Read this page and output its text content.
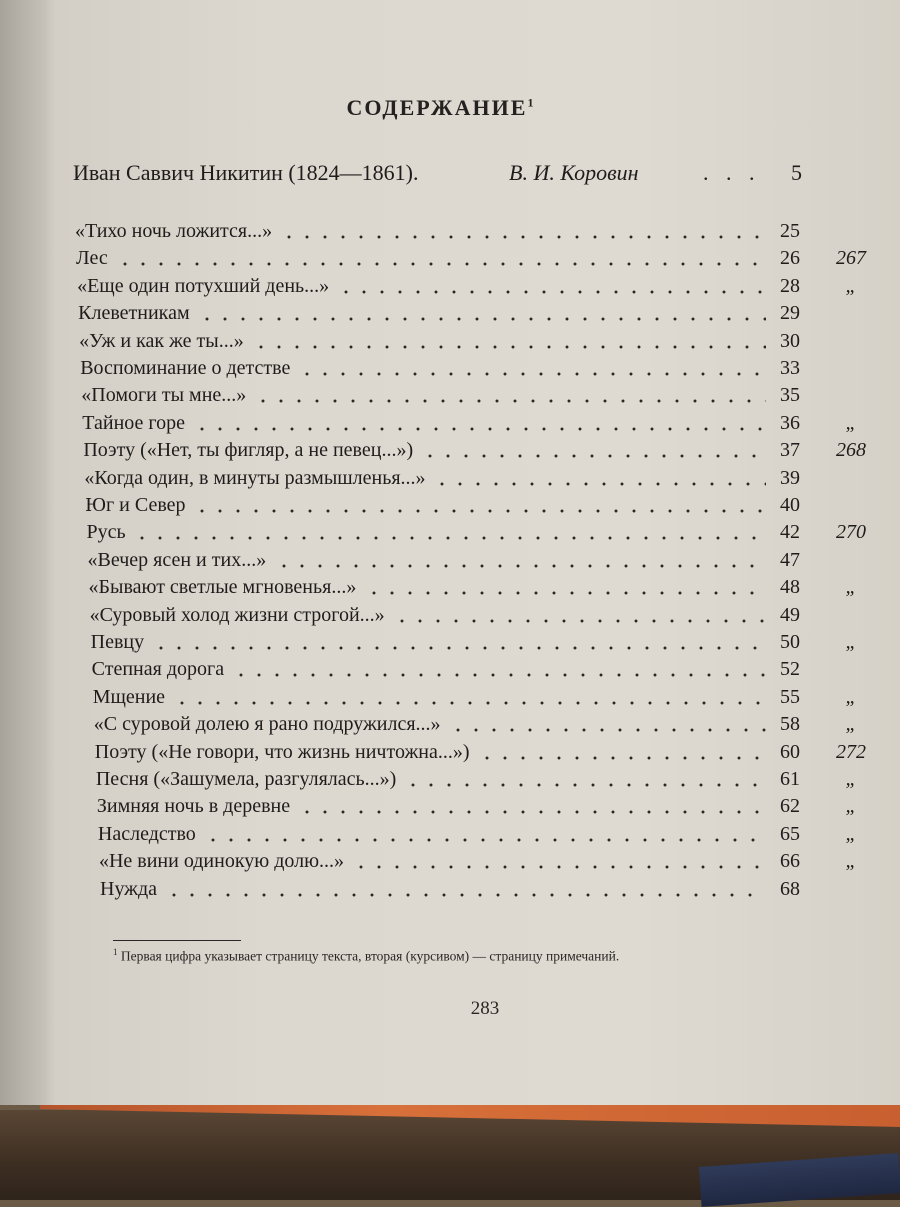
СОДЕРЖАНИЕ$^1$
Иван Саввич Никитин (1824—1861).	В. И. Коровин	. . . 5
«Тихо ночь ложится...»	25
Лес	26	267
«Еще один потухший день...»	28	„
Клеветникам	29
«Уж и как же ты...»	30
Воспоминание о детстве	33
«Помоги ты мне...»	35
Тайное горе	36	„
Поэту («Нет, ты фигляр, а не певец...»)	37	268
«Когда один, в минуты размышленья...»	39
Юг и Север	40
Русь	42	270
«Вечер ясен и тих...»	47
«Бывают светлые мгновенья...»	48	„
«Суровый холод жизни строгой...»	49
Певцу	50	„
Степная дорога	52
Мщение	55	„
«С суровой долею я рано подружился...»	58	„
Поэту («Не говори, что жизнь ничтожна...»)	60	272
Песня («Зашумела, разгулялась...»)	61	„
Зимняя ночь в деревне	62	„
Наследство	65	„
«Не вини одинокую долю...»	66	„
Нужда	68
$^1$ Первая цифра указывает страницу текста, вторая (курсивом) — страницу примечаний.
283
